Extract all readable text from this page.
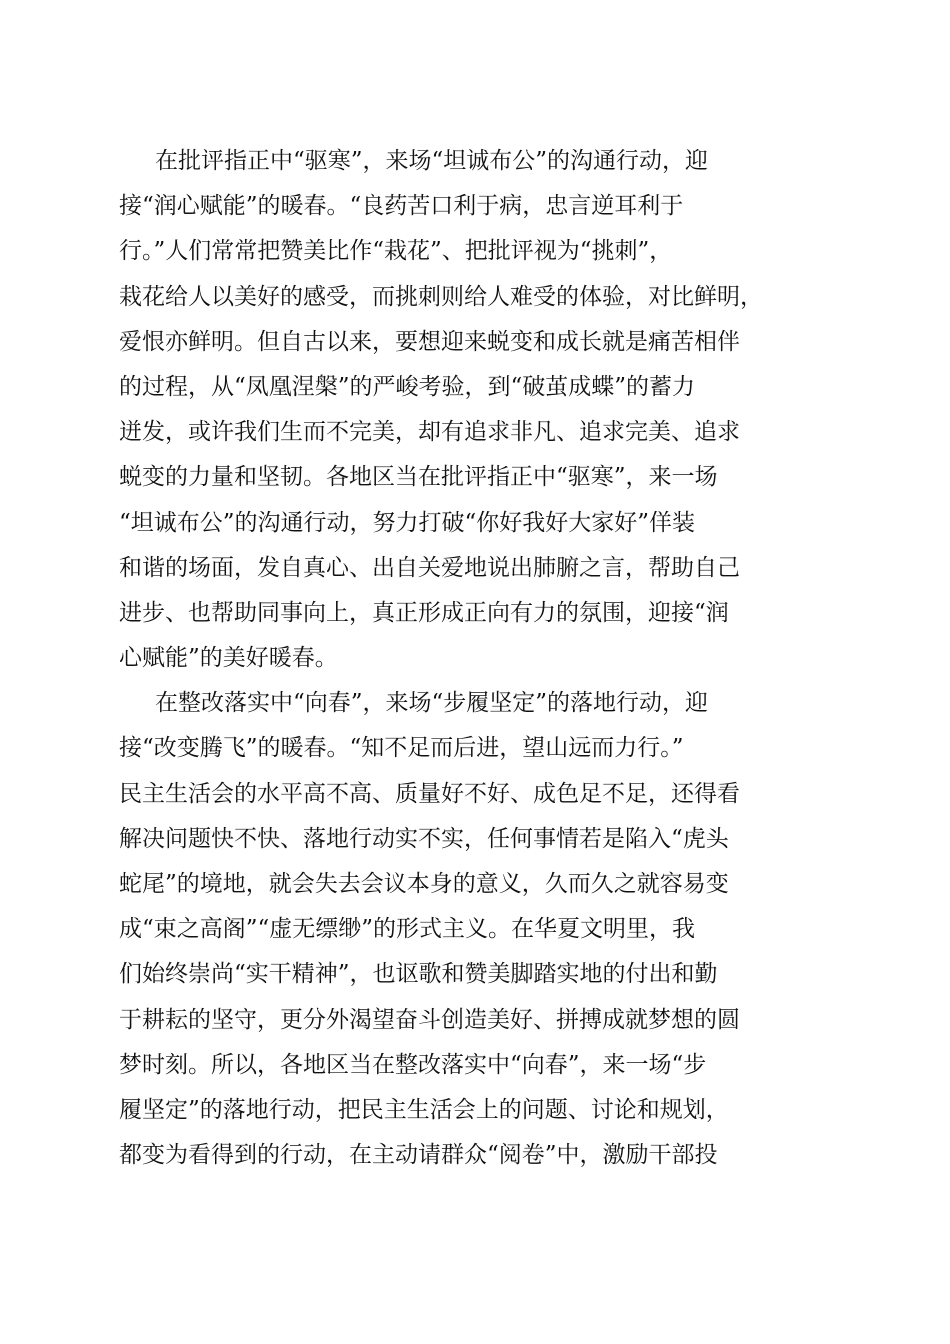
在批评指正中“驱寒”，来场“坦诚布公”的沟通行动，迎
接“润心赋能”的暖春。“良药苦口利于病，忠言逆耳利于
行。”人们常常把赞美比作“栽花”、把批评视为“挑刺”，
栽花给人以美好的感受，而挑刺则给人难受的体验，对比鲜明，
爱恨亦鲜明。但自古以来，要想迎来蜕变和成长就是痛苦相伴
的过程，从“凤凰涅槃”的严峻考验，到“破茧成蝶”的蓄力
迸发，或许我们生而不完美，却有追求非凡、追求完美、追求
蜕变的力量和坚韧。各地区当在批评指正中“驱寒”，来一场
“坦诚布公”的沟通行动，努力打破“你好我好大家好”佯装
和谐的场面，发自真心、出自关爱地说出肺腑之言，帮助自己
进步、也帮助同事向上，真正形成正向有力的氛围，迎接“润
心赋能”的美好暖春。
在整改落实中“向春”，来场“步履坚定”的落地行动，迎
接“改变腾飞”的暖春。“知不足而后进，望山远而力行。”
民主生活会的水平高不高、质量好不好、成色足不足，还得看
解决问题快不快、落地行动实不实，任何事情若是陷入“虎头
蛇尾”的境地，就会失去会议本身的意义，久而久之就容易变
成“束之高阁”“虚无缥缈”的形式主义。在华夏文明里，我
们始终崇尚“实干精神”，也讴歌和赞美脚踏实地的付出和勤
于耕耘的坚守，更分外渴望奋斗创造美好、拼搏成就梦想的圆
梦时刻。所以，各地区当在整改落实中“向春”，来一场“步
履坚定”的落地行动，把民主生活会上的问题、讨论和规划，
都变为看得到的行动，在主动请群众“阅卷”中，激励干部投
